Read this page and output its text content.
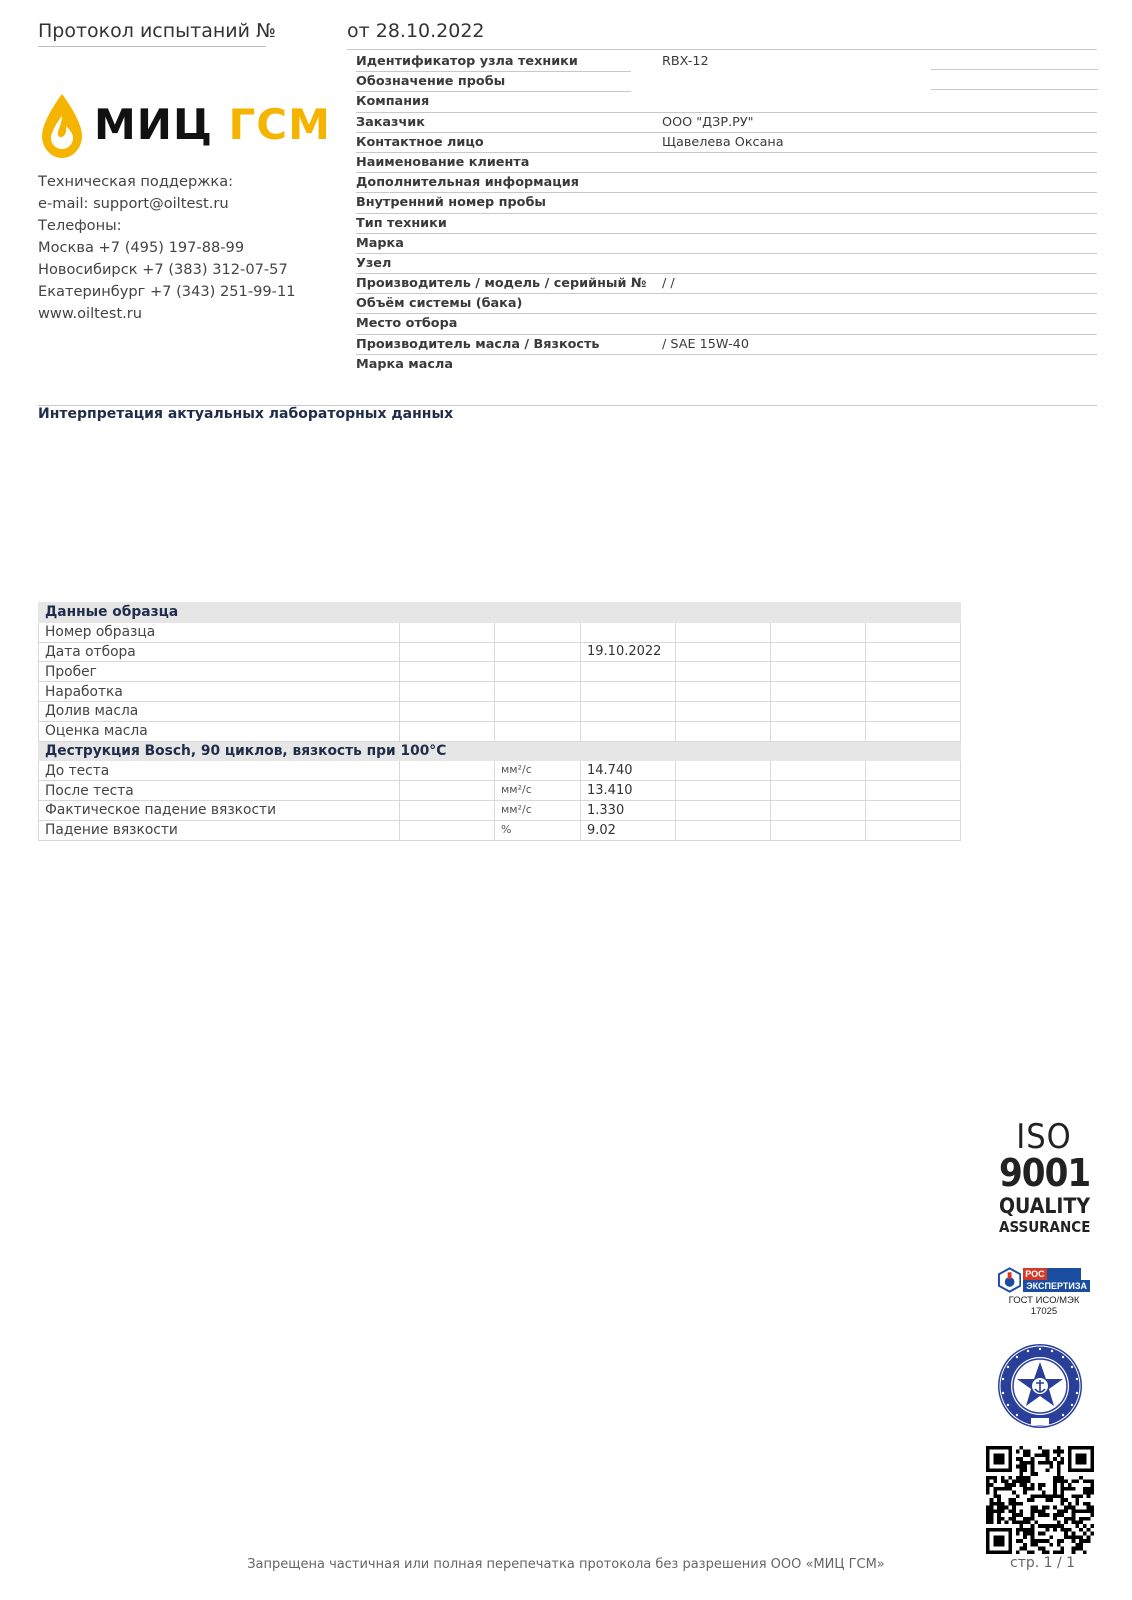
Протокол испытаний №	от 28.10.2022
МИЦ ГСМ
Техническая поддержка:
e-mail: support@oiltest.ru
Телефоны:
Москва +7 (495) 197-88-99
Новосибирск +7 (383) 312-07-57
Екатеринбург +7 (343) 251-99-11
www.oiltest.ru
Идентификатор узла техники	RBX-12
Обозначение пробы
Компания
Заказчик	ООО "ДЗР.РУ"
Контактное лицо	Щавелева Оксана
Наименование клиента
Дополнительная информация
Внутренний номер пробы
Тип техники
Марка
Узел
Производитель / модель / серийный № / /
Объём системы (бака)
Место отбора
Производитель масла / Вязкость	/ SAE 15W-40
Марка масла
Интерпретация актуальных лабораторных данных
Данные образца						
Номер образца						
Дата отбора			19.10.2022			
Пробег						
Наработка						
Долив масла						
Оценка масла						
Деструкция Bosch, 90 циклов, вязкость при 100°C						
До теста		мм²/с	14.740			
После теста		мм²/с	13.410			
Фактическое падение вязкости		мм²/с	1.330			
Падение вязкости		%	9.02			
ISO
9001
QUALITY
ASSURANCE
РОС
ЭКСПЕРТИЗА
ГОСТ ИСО/МЭК
17025
Запрещена частичная или полная перепечатка протокола без разрешения ООО «МИЦ ГСМ»	стр. 1 / 1
